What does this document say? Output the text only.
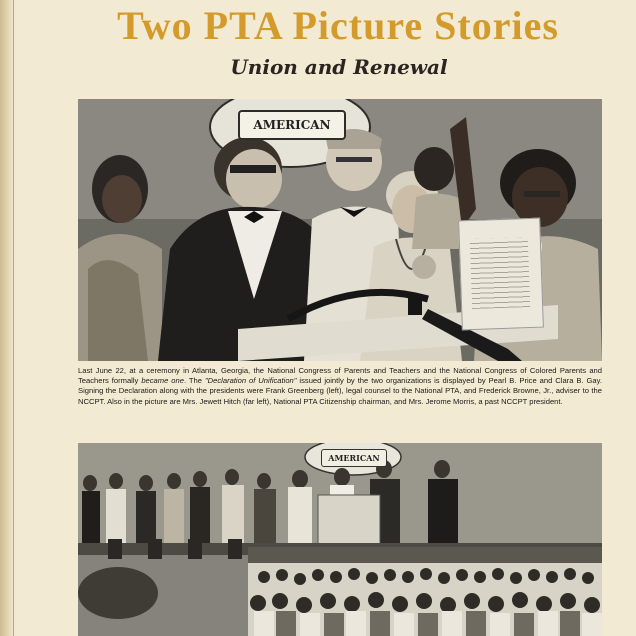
Two PTA Picture Stories
Union and Renewal
AMERICAN

Last June 22, at a ceremony in Atlanta, Georgia, the National Congress of Parents and Teachers and the National Congress of Colored Parents and Teachers formally became one. The "Declaration of Unification" issued jointly by the two organizations is displayed by Pearl B. Price and Clara B. Gay. Signing the Declaration along with the presidents were Frank Greenberg (left), legal counsel to the National PTA, and Frederick Browne, Jr., adviser to the NCCPT. Also in the picture are Mrs. Jewett Hitch (far left), National PTA Citizenship chairman, and Mrs. Jerome Morris, a past NCCPT president.

AMERICAN
